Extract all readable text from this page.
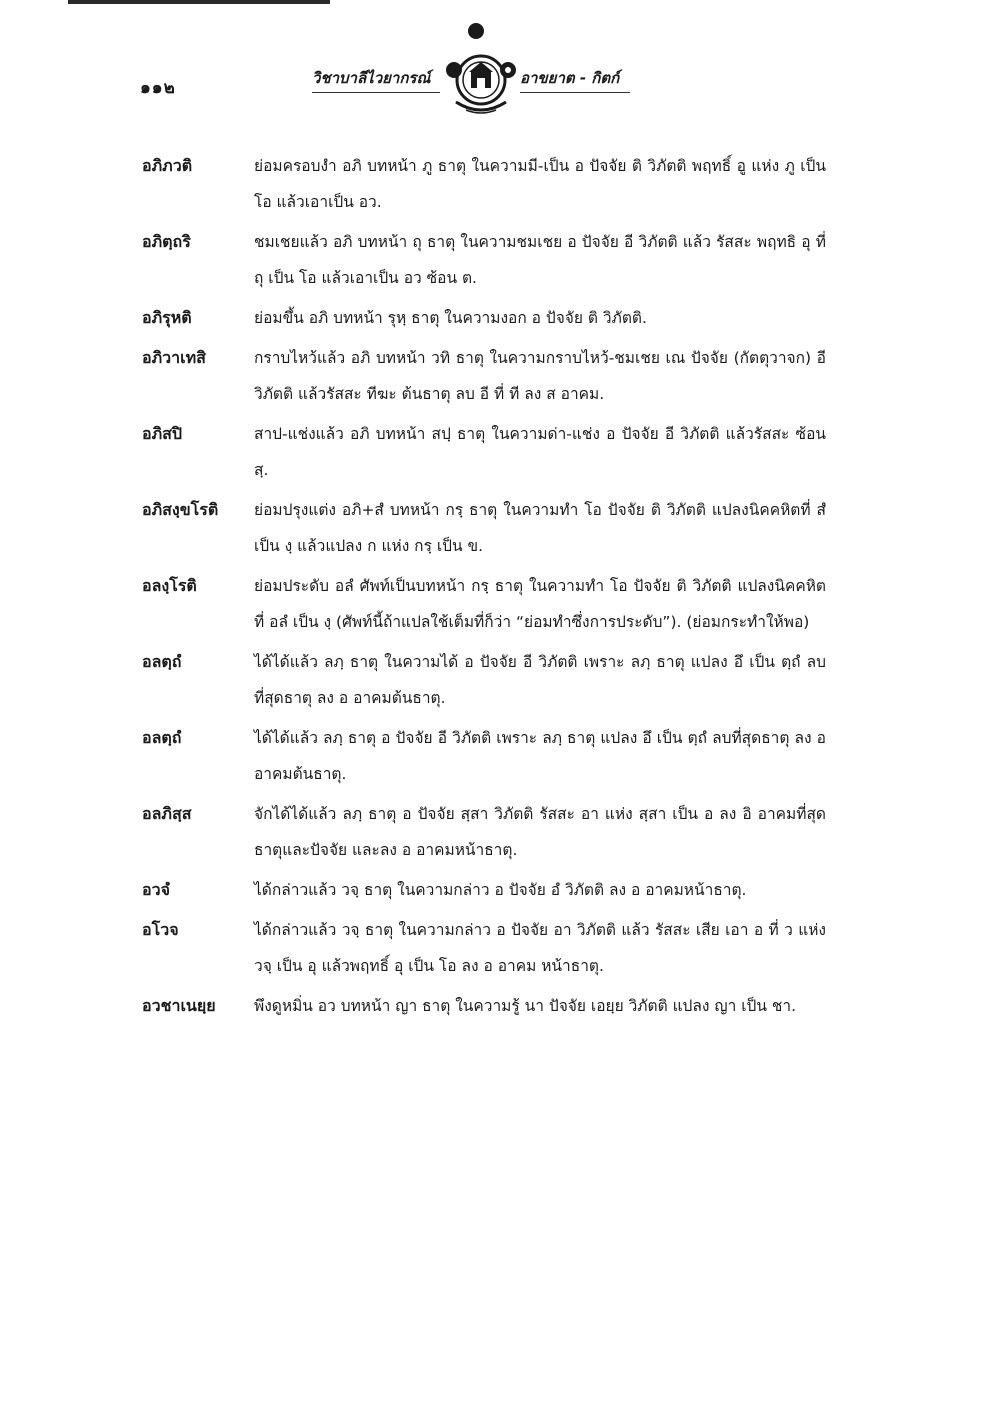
๑๑๒	วิชาบาลีไวยากรณ์	อาขยาต - กิตก์
อภิภวติ	ย่อมครอบงำ อภิ บทหน้า ภู ธาตุ ในความมี-เป็น อ ปัจจัย ติ วิภัตติ พฤทธิ์ อู แห่ง ภู เป็น โอ แล้วเอาเป็น อว.
อภิตฺถริ	ชมเชยแล้ว อภิ บทหน้า ถุ ธาตุ ในความชมเชย อ ปัจจัย อี วิภัตติ แล้ว รัสสะ พฤทธิ อุ ที่ ถุ เป็น โอ แล้วเอาเป็น อว ซ้อน ต.
อภิรุหติ	ย่อมขึ้น อภิ บทหน้า รุหฺ ธาตุ ในความงอก อ ปัจจัย ติ วิภัตติ.
อภิวาเทสิ	กราบไหว้แล้ว อภิ บทหน้า วทิ ธาตุ ในความกราบไหว้-ชมเชย เณ ปัจจัย (กัตตุวาจก) อี วิภัตติ แล้วรัสสะ ทีฆะ ต้นธาตุ ลบ อี ที่ ที ลง ส อาคม.
อภิสปิ	สาป-แช่งแล้ว อภิ บทหน้า สปฺ ธาตุ ในความด่า-แช่ง อ ปัจจัย อี วิภัตติ แล้วรัสสะ ซ้อน สฺ.
อภิสงฺขโรติ	ย่อมปรุงแต่ง อภิ+สํ บทหน้า กรฺ ธาตุ ในความทำ โอ ปัจจัย ติ วิภัตติ แปลงนิคคหิตที่ สํ เป็น งฺ แล้วแปลง ก แห่ง กรฺ เป็น ข.
อลงฺโรติ	ย่อมประดับ อลํ ศัพท์เป็นบทหน้า กรฺ ธาตุ ในความทำ โอ ปัจจัย ติ วิภัตติ แปลงนิคคหิตที่ อลํ เป็น งฺ (ศัพท์นี้ถ้าแปลใช้เต็มที่ก็ว่า “ย่อมทำซึ่งการประดับ”). (ย่อมกระทำให้พอ)
อลตฺถํ	ได้ได้แล้ว ลภฺ ธาตุ ในความได้ อ ปัจจัย อี วิภัตติ เพราะ ลภฺ ธาตุ แปลง อึ เป็น ตฺถํ ลบที่สุดธาตุ ลง อ อาคมต้นธาตุ.
อลตฺถํ	ได้ได้แล้ว ลภฺ ธาตุ อ ปัจจัย อี วิภัตติ เพราะ ลภฺ ธาตุ แปลง อึ เป็น ตฺถํ ลบที่สุดธาตุ ลง อ อาคมต้นธาตุ.
อลภิสฺส	จักได้ได้แล้ว ลภฺ ธาตุ อ ปัจจัย สฺสา วิภัตติ รัสสะ อา แห่ง สฺสา เป็น อ ลง อิ อาคมที่สุดธาตุและปัจจัย และลง อ อาคมหน้าธาตุ.
อวจํ	ได้กล่าวแล้ว วจฺ ธาตุ ในความกล่าว อ ปัจจัย อํ วิภัตติ ลง อ อาคมหน้าธาตุ.
อโวจ	ได้กล่าวแล้ว วจฺ ธาตุ ในความกล่าว อ ปัจจัย อา วิภัตติ แล้ว รัสสะ เสีย เอา อ ที่ ว แห่ง วจฺ เป็น อุ แล้วพฤทธิ์ อุ เป็น โอ ลง อ อาคม หน้าธาตุ.
อวชาเนยฺย	พึงดูหมิ่น อว บทหน้า ญา ธาตุ ในความรู้ นา ปัจจัย เอยฺย วิภัตติ แปลง ญา เป็น ชา.
